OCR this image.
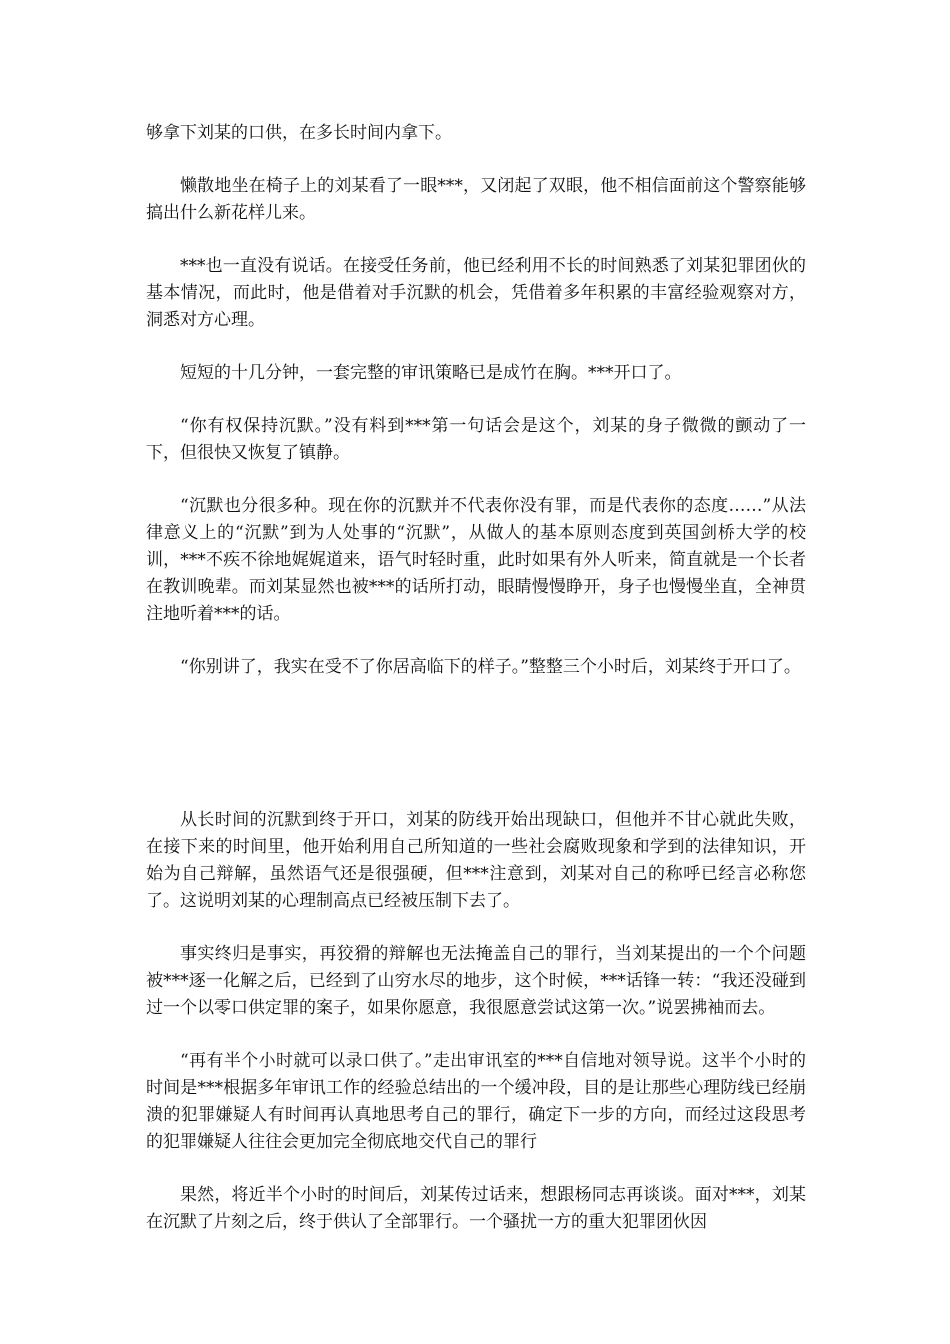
够拿下刘某的口供，在多长时间内拿下。

懒散地坐在椅子上的刘某看了一眼***，又闭起了双眼，他不相信面前这个警察能够搞出什么新花样儿来。

***也一直没有说话。在接受任务前，他已经利用不长的时间熟悉了刘某犯罪团伙的基本情况，而此时，他是借着对手沉默的机会，凭借着多年积累的丰富经验观察对方，洞悉对方心理。

短短的十几分钟，一套完整的审讯策略已是成竹在胸。***开口了。

“你有权保持沉默。”没有料到***第一句话会是这个，刘某的身子微微的颤动了一下，但很快又恢复了镇静。

“沉默也分很多种。现在你的沉默并不代表你没有罪，而是代表你的态度……”从法律意义上的“沉默”到为人处事的“沉默”，从做人的基本原则态度到英国剑桥大学的校训，***不疾不徐地娓娓道来，语气时轻时重，此时如果有外人听来，简直就是一个长者在教训晚辈。而刘某显然也被***的话所打动，眼睛慢慢睁开，身子也慢慢坐直，全神贯注地听着***的话。

“你别讲了，我实在受不了你居高临下的样子。”整整三个小时后，刘某终于开口了。

从长时间的沉默到终于开口，刘某的防线开始出现缺口，但他并不甘心就此失败，在接下来的时间里，他开始利用自己所知道的一些社会腐败现象和学到的法律知识，开始为自己辩解，虽然语气还是很强硬，但***注意到，刘某对自己的称呼已经言必称您了。这说明刘某的心理制高点已经被压制下去了。

事实终归是事实，再狡猾的辩解也无法掩盖自己的罪行，当刘某提出的一个个问题被***逐一化解之后，已经到了山穷水尽的地步，这个时候，***话锋一转：“我还没碰到过一个以零口供定罪的案子，如果你愿意，我很愿意尝试这第一次。”说罢拂袖而去。

“再有半个小时就可以录口供了。”走出审讯室的***自信地对领导说。这半个小时的时间是***根据多年审讯工作的经验总结出的一个缓冲段，目的是让那些心理防线已经崩溃的犯罪嫌疑人有时间再认真地思考自己的罪行，确定下一步的方向，而经过这段思考的犯罪嫌疑人往往会更加完全彻底地交代自己的罪行

果然，将近半个小时的时间后，刘某传过话来，想跟杨同志再谈谈。面对***，刘某在沉默了片刻之后，终于供认了全部罪行。一个骚扰一方的重大犯罪团伙因
